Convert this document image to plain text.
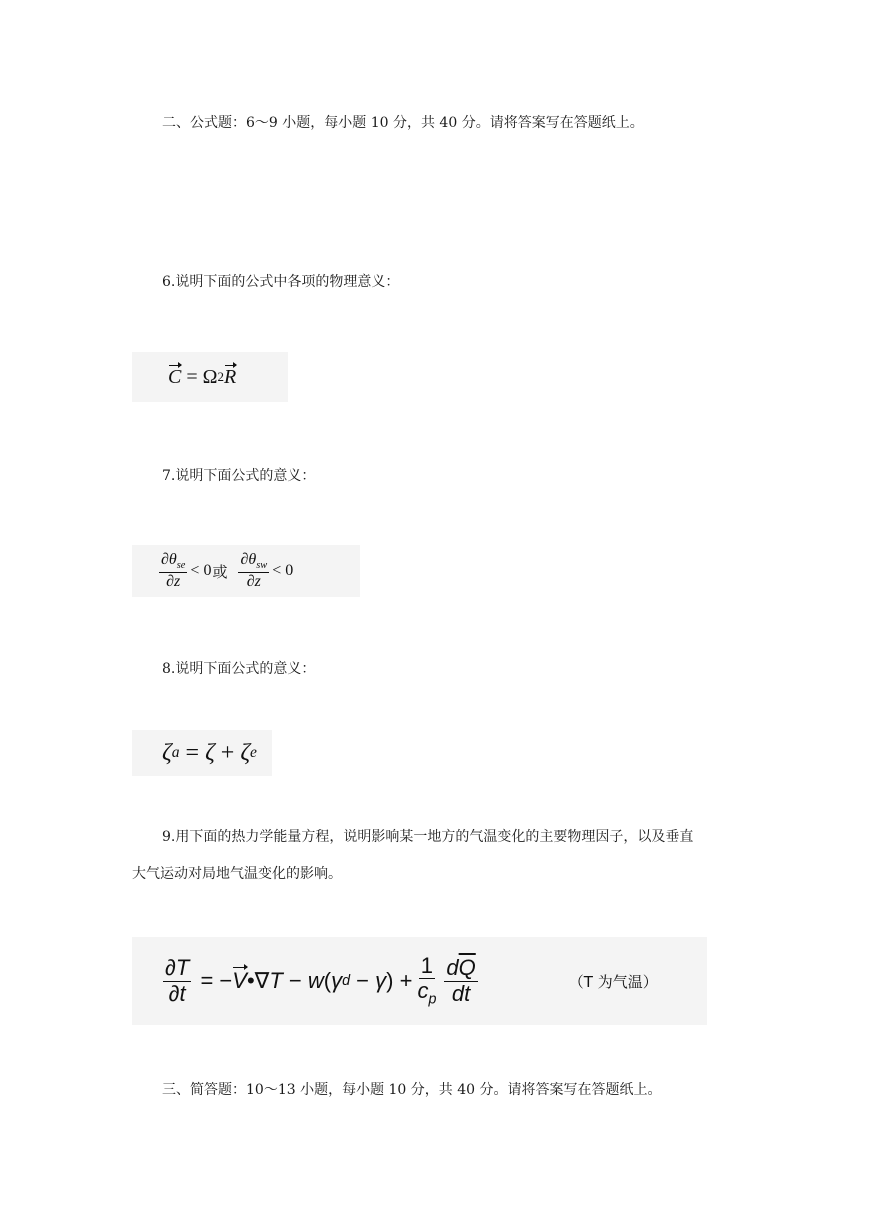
二、公式题：6～9 小题，每小题 10 分，共 40 分。请将答案写在答题纸上。
6.说明下面的公式中各项的物理意义：
C = Ω 2 R
7.说明下面公式的意义：
$\frac{\partial\theta_{se}}{\partial z} < 0$ 或 $\frac{\partial\theta_{sw}}{\partial z} < 0$
8.说明下面公式的意义：
ζ a = ζ + ζ e
9.用下面的热力学能量方程，说明影响某一地方的气温变化的主要物理因子，以及垂直
大气运动对局地气温变化的影响。
$\frac{\partial T}{\partial t}$ = − V •∇ T − w ( γ d − γ ) + $\frac{1}{c_p} \frac{d\overline{Q}}{dt}$	（T 为气温）
三、简答题：10～13 小题，每小题 10 分，共 40 分。请将答案写在答题纸上。
